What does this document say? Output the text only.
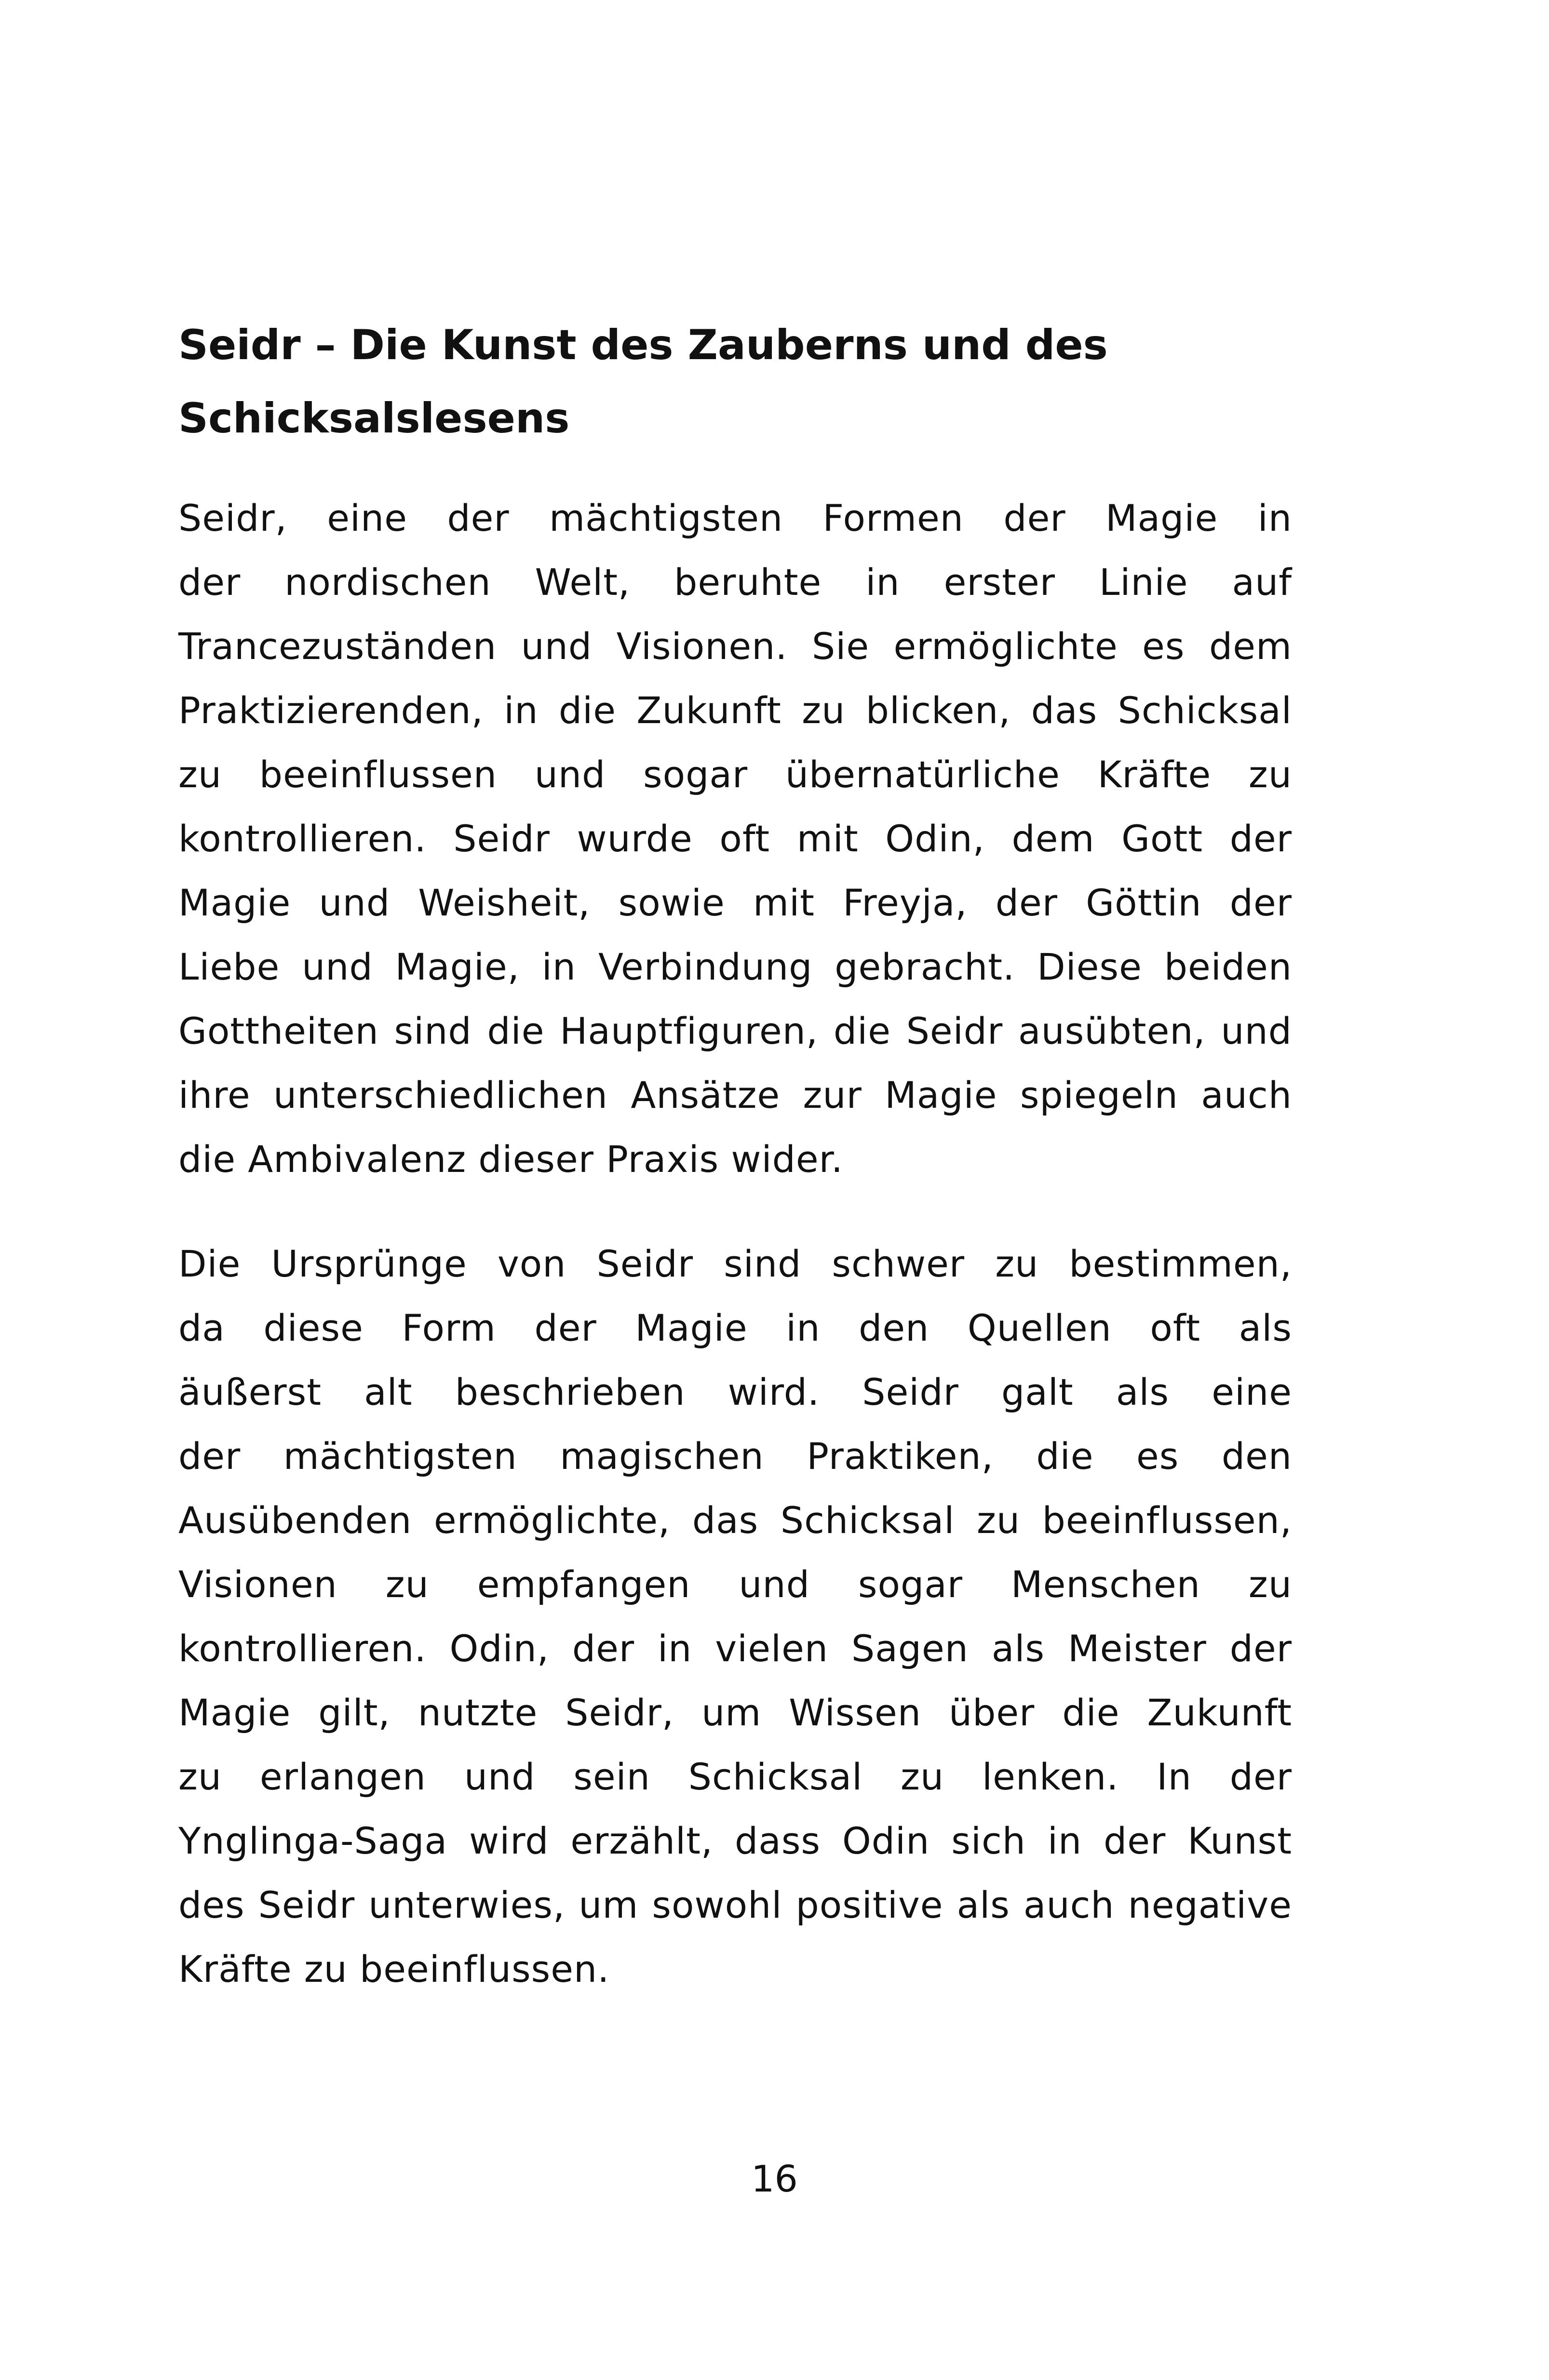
Seidr – Die Kunst des Zauberns und des
Schicksalslesens

Seidr, eine der mächtigsten Formen der Magie in
der nordischen Welt, beruhte in erster Linie auf
Trancezuständen und Visionen. Sie ermöglichte es dem
Praktizierenden, in die Zukunft zu blicken, das Schicksal
zu beeinflussen und sogar übernatürliche Kräfte zu
kontrollieren. Seidr wurde oft mit Odin, dem Gott der
Magie und Weisheit, sowie mit Freyja, der Göttin der
Liebe und Magie, in Verbindung gebracht. Diese beiden
Gottheiten sind die Hauptfiguren, die Seidr ausübten, und
ihre unterschiedlichen Ansätze zur Magie spiegeln auch
die Ambivalenz dieser Praxis wider.

Die Ursprünge von Seidr sind schwer zu bestimmen,
da diese Form der Magie in den Quellen oft als
äußerst alt beschrieben wird. Seidr galt als eine
der mächtigsten magischen Praktiken, die es den
Ausübenden ermöglichte, das Schicksal zu beeinflussen,
Visionen zu empfangen und sogar Menschen zu
kontrollieren. Odin, der in vielen Sagen als Meister der
Magie gilt, nutzte Seidr, um Wissen über die Zukunft
zu erlangen und sein Schicksal zu lenken. In der
Ynglinga-Saga wird erzählt, dass Odin sich in der Kunst
des Seidr unterwies, um sowohl positive als auch negative
Kräfte zu beeinflussen.

16
